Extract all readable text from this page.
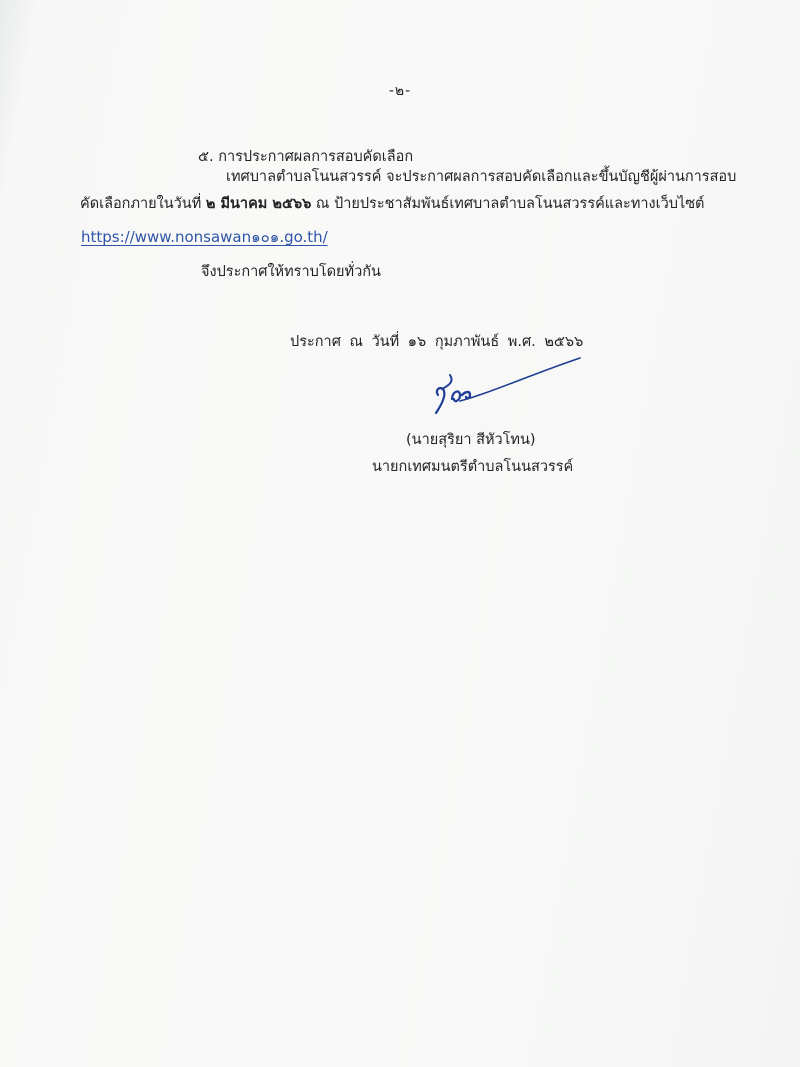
-๒-
๕. การประกาศผลการสอบคัดเลือก
เทศบาลตำบลโนนสวรรค์ จะประกาศผลการสอบคัดเลือกและขึ้นบัญชีผู้ผ่านการสอบ
คัดเลือกภายในวันที่ ๒ มีนาคม ๒๕๖๖ ณ ป้ายประชาสัมพันธ์เทศบาลตำบลโนนสวรรค์และทางเว็บไซต์
https://www.nonsawan๑๐๑.go.th/
จึงประกาศให้ทราบโดยทั่วกัน
ประกาศ ณ วันที่ ๑๖ กุมภาพันธ์ พ.ศ. ๒๕๖๖
(นายสุริยา สีหัวโทน)
นายกเทศมนตรีตำบลโนนสวรรค์
